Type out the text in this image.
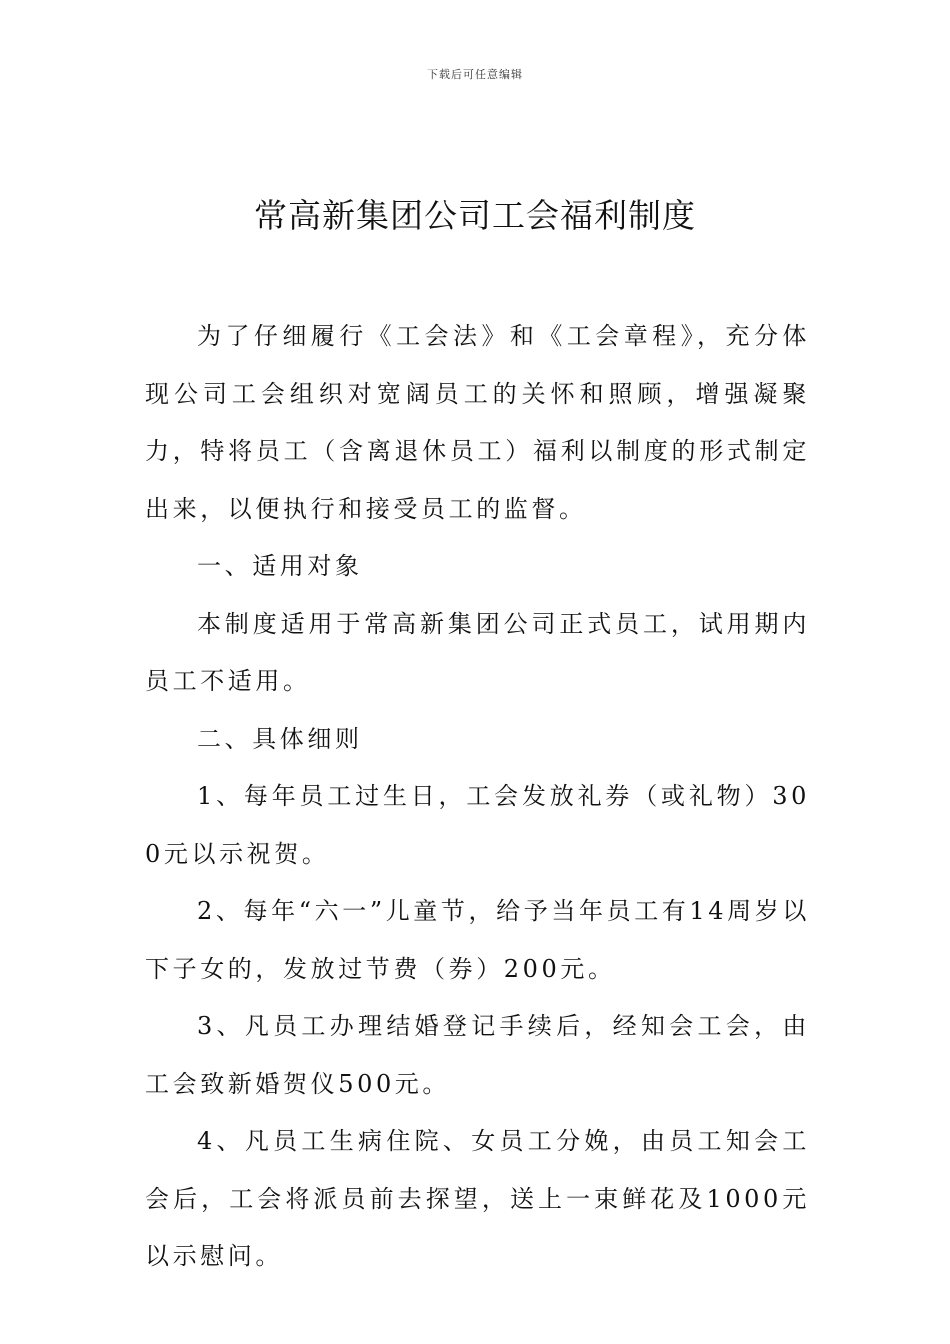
下载后可任意编辑
常高新集团公司工会福利制度

为了仔细履行《工会法》和《工会章程》，充分体现公司工会组织对宽阔员工的关怀和照顾，增强凝聚力，特将员工（含离退休员工）福利以制度的形式制定出来，以便执行和接受员工的监督。

一、适用对象

本制度适用于常高新集团公司正式员工，试用期内员工不适用。

二、具体细则

1、每年员工过生日，工会发放礼券（或礼物）300元以示祝贺。

2、每年“六一”儿童节，给予当年员工有14周岁以下子女的，发放过节费（券）200元。

3、凡员工办理结婚登记手续后，经知会工会，由工会致新婚贺仪500元。

4、凡员工生病住院、女员工分娩，由员工知会工会后，工会将派员前去探望，送上一束鲜花及1000元以示慰问。
